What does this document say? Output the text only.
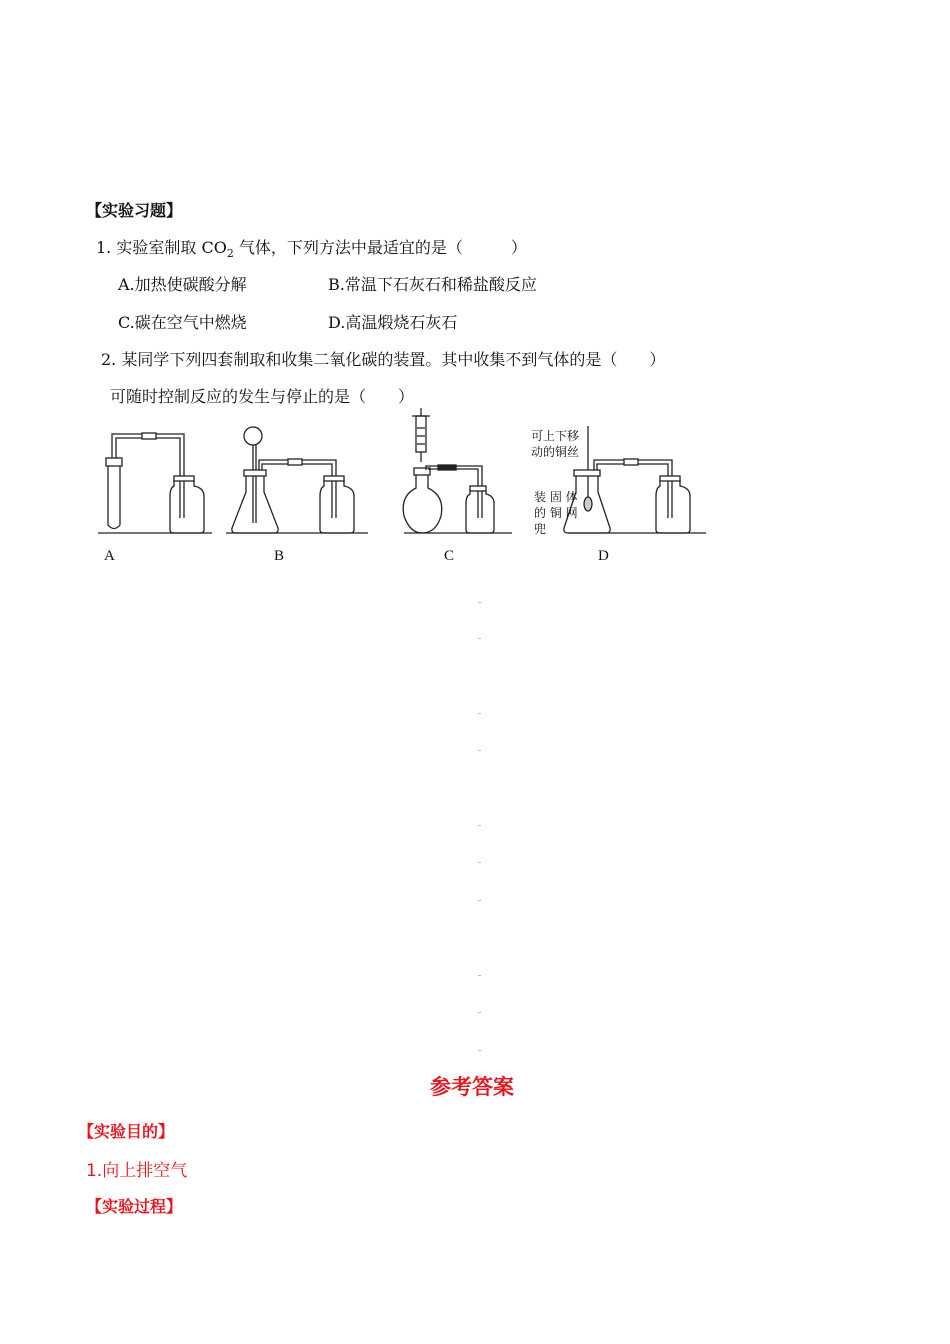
【实验习题】
1. 实验室制取 $CO_2$ 气体，下列方法中最适宜的是（　　　）
A.加热使碳酸分解	B.常温下石灰石和稀盐酸反应
C.碳在空气中燃烧	D.高温煅烧石灰石
2. 某同学下列四套制取和收集二氧化碳的装置。其中收集不到气体的是（　　）
可随时控制反应的发生与停止的是（　　）
可上下移
动的铜丝
装 固 体
的 铜 网
兜
A	B	C	D
参考答案
【实验目的】
1.向上排空气
【实验过程】
